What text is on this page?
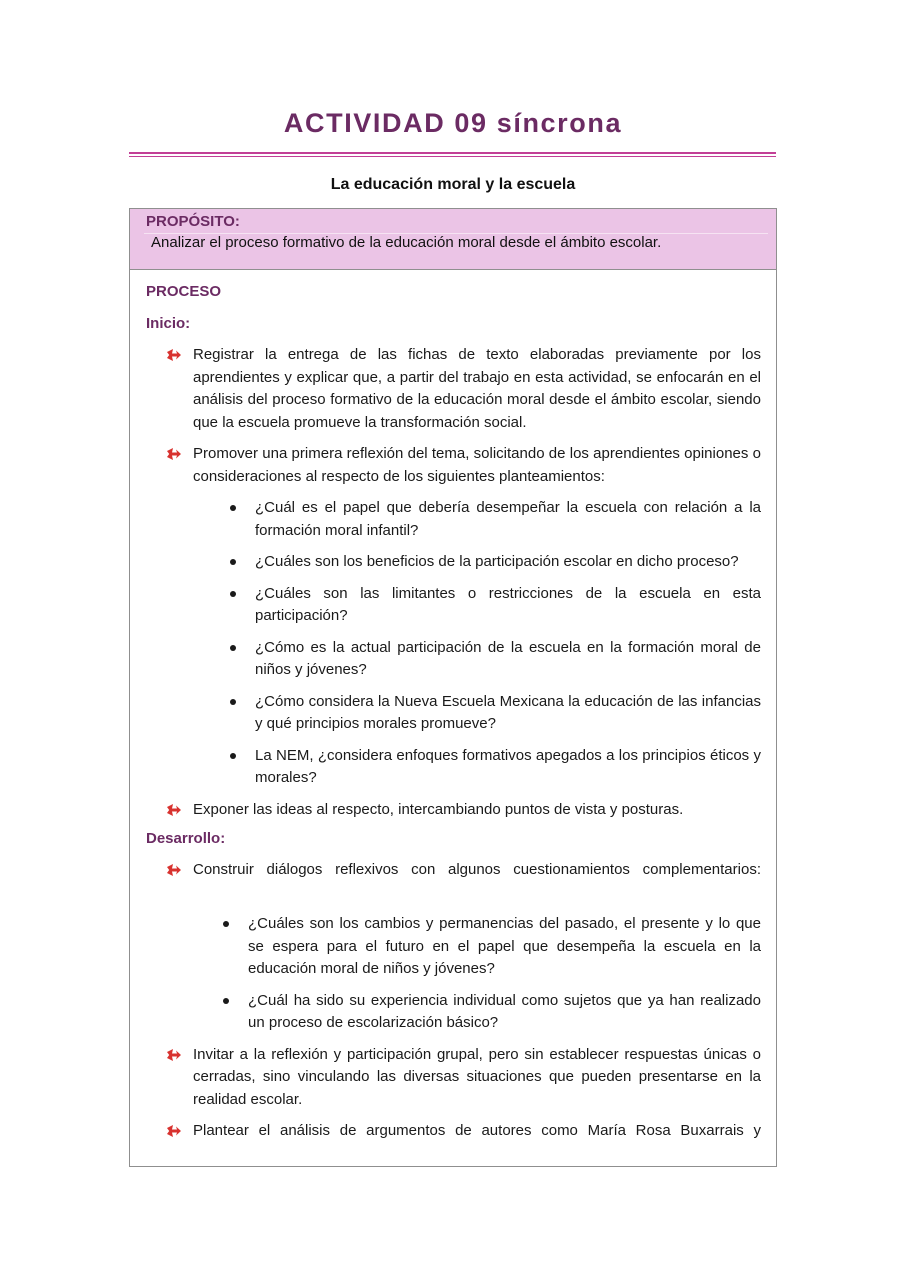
ACTIVIDAD 09 síncrona
La educación moral y la escuela
PROPÓSITO:
Analizar el proceso formativo de la educación moral desde el ámbito escolar.
PROCESO
Inicio:
Registrar la entrega de las fichas de texto elaboradas previamente por los aprendientes y explicar que, a partir del trabajo en esta actividad, se enfocarán en el análisis del proceso formativo de la educación moral desde el ámbito escolar, siendo que la escuela promueve la transformación social.
Promover una primera reflexión del tema, solicitando de los aprendientes opiniones o consideraciones al respecto de los siguientes planteamientos:
¿Cuál es el papel que debería desempeñar la escuela con relación a la formación moral infantil?
¿Cuáles son los beneficios de la participación escolar en dicho proceso?
¿Cuáles son las limitantes o restricciones de la escuela en esta participación?
¿Cómo es la actual participación de la escuela en la formación moral de niños y jóvenes?
¿Cómo considera la Nueva Escuela Mexicana la educación de las infancias y qué principios morales promueve?
La NEM, ¿considera enfoques formativos apegados a los principios éticos y morales?
Exponer las ideas al respecto, intercambiando puntos de vista y posturas.
Desarrollo:
Construir diálogos reflexivos con algunos cuestionamientos complementarios:
¿Cuáles son los cambios y permanencias del pasado, el presente y lo que se espera para el futuro en el papel que desempeña la escuela en la educación moral de niños y jóvenes?
¿Cuál ha sido su experiencia individual como sujetos que ya han realizado un proceso de escolarización básico?
Invitar a la reflexión y participación grupal, pero sin establecer respuestas únicas o cerradas, sino vinculando las diversas situaciones que pueden presentarse en la realidad escolar.
Plantear el análisis de argumentos de autores como María Rosa Buxarrais y
